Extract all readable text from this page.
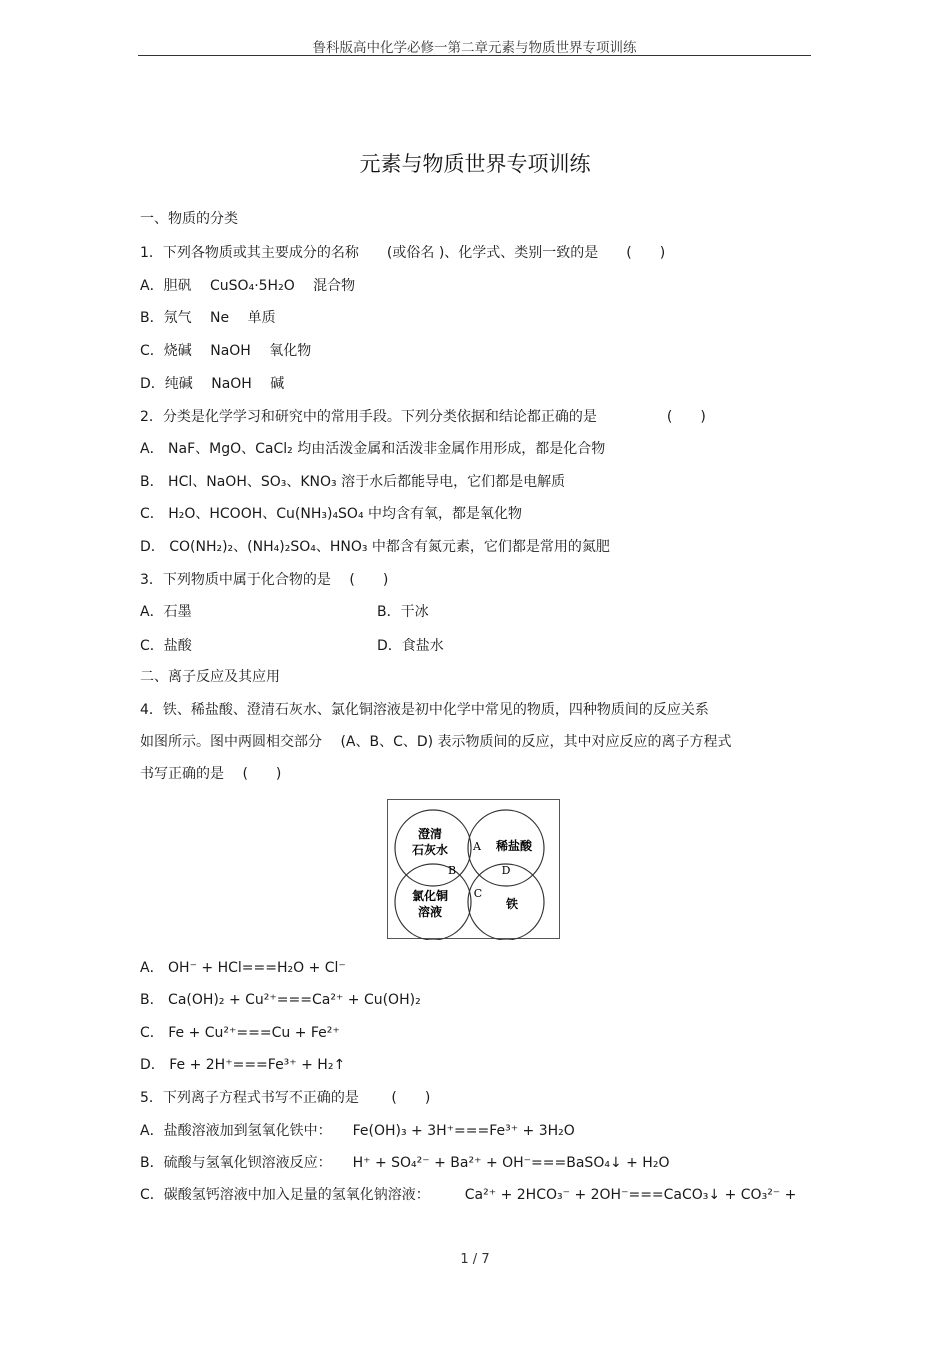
鲁科版高中化学必修一第二章元素与物质世界专项训练
元素与物质世界专项训练
一、物质的分类
1．下列各物质或其主要成分的名称　　(或俗名 )、化学式、类别一致的是　　(　　)
A．胆矾　 CuSO₄·5H₂O　 混合物
B．氖气　 Ne　 单质
C．烧碱　 NaOH　 氧化物
D．纯碱　 NaOH　 碱
2．分类是化学学习和研究中的常用手段。下列分类依据和结论都正确的是　　　　　(　　)
A． NaF、MgO、CaCl₂ 均由活泼金属和活泼非金属作用形成，都是化合物
B． HCl、NaOH、SO₃、KNO₃ 溶于水后都能导电，它们都是电解质
C． H₂O、HCOOH、Cu(NH₃)₄SO₄ 中均含有氧，都是氧化物
D． CO(NH₂)₂、(NH₄)₂SO₄、HNO₃ 中都含有氮元素，它们都是常用的氮肥
3．下列物质中属于化合物的是　 (　　)
A．石墨	B．干冰
C．盐酸	D．食盐水
二、离子反应及其应用
4．铁、稀盐酸、澄清石灰水、氯化铜溶液是初中化学中常见的物质，四种物质间的反应关系
如图所示。图中两圆相交部分　 (A、B、C、D) 表示物质间的反应，其中对应反应的离子方程式
书写正确的是　 (　　)
澄清
石灰水	稀盐酸
氯化铜
溶液
铁
A
B
C
D
A． OH⁻ + HCl===H₂O + Cl⁻
B． Ca(OH)₂ + Cu²⁺===Ca²⁺ + Cu(OH)₂
C． Fe + Cu²⁺===Cu + Fe²⁺
D． Fe + 2H⁺===Fe³⁺ + H₂↑
5．下列离子方程式书写不正确的是　　 (　　)
A．盐酸溶液加到氢氧化铁中：　　Fe(OH)₃ + 3H⁺===Fe³⁺ + 3H₂O
B．硫酸与氢氧化钡溶液反应：　　H⁺ + SO₄²⁻ + Ba²⁺ + OH⁻===BaSO₄↓ + H₂O
C．碳酸氢钙溶液中加入足量的氢氧化钠溶液：　　　Ca²⁺ + 2HCO₃⁻ + 2OH⁻===CaCO₃↓ + CO₃²⁻ +
1 / 7
